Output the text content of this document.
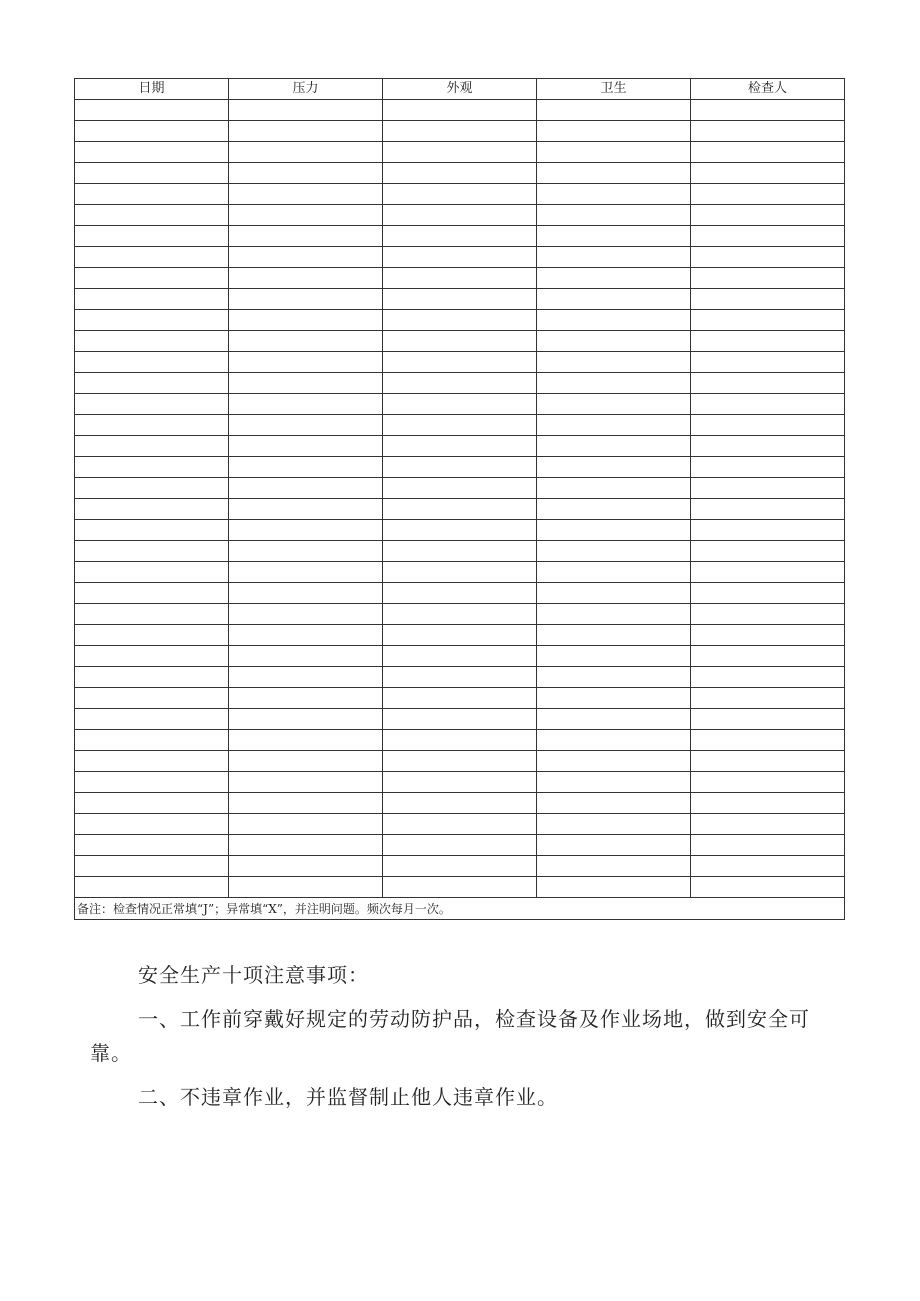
日期	压力	外观	卫生	检查人

备注：检查情况正常填“J”；异常填“X”，并注明问题。频次每月一次。				

安全生产十项注意事项：

一、工作前穿戴好规定的劳动防护品，检查设备及作业场地，做到安全可靠。

二、不违章作业，并监督制止他人违章作业。
